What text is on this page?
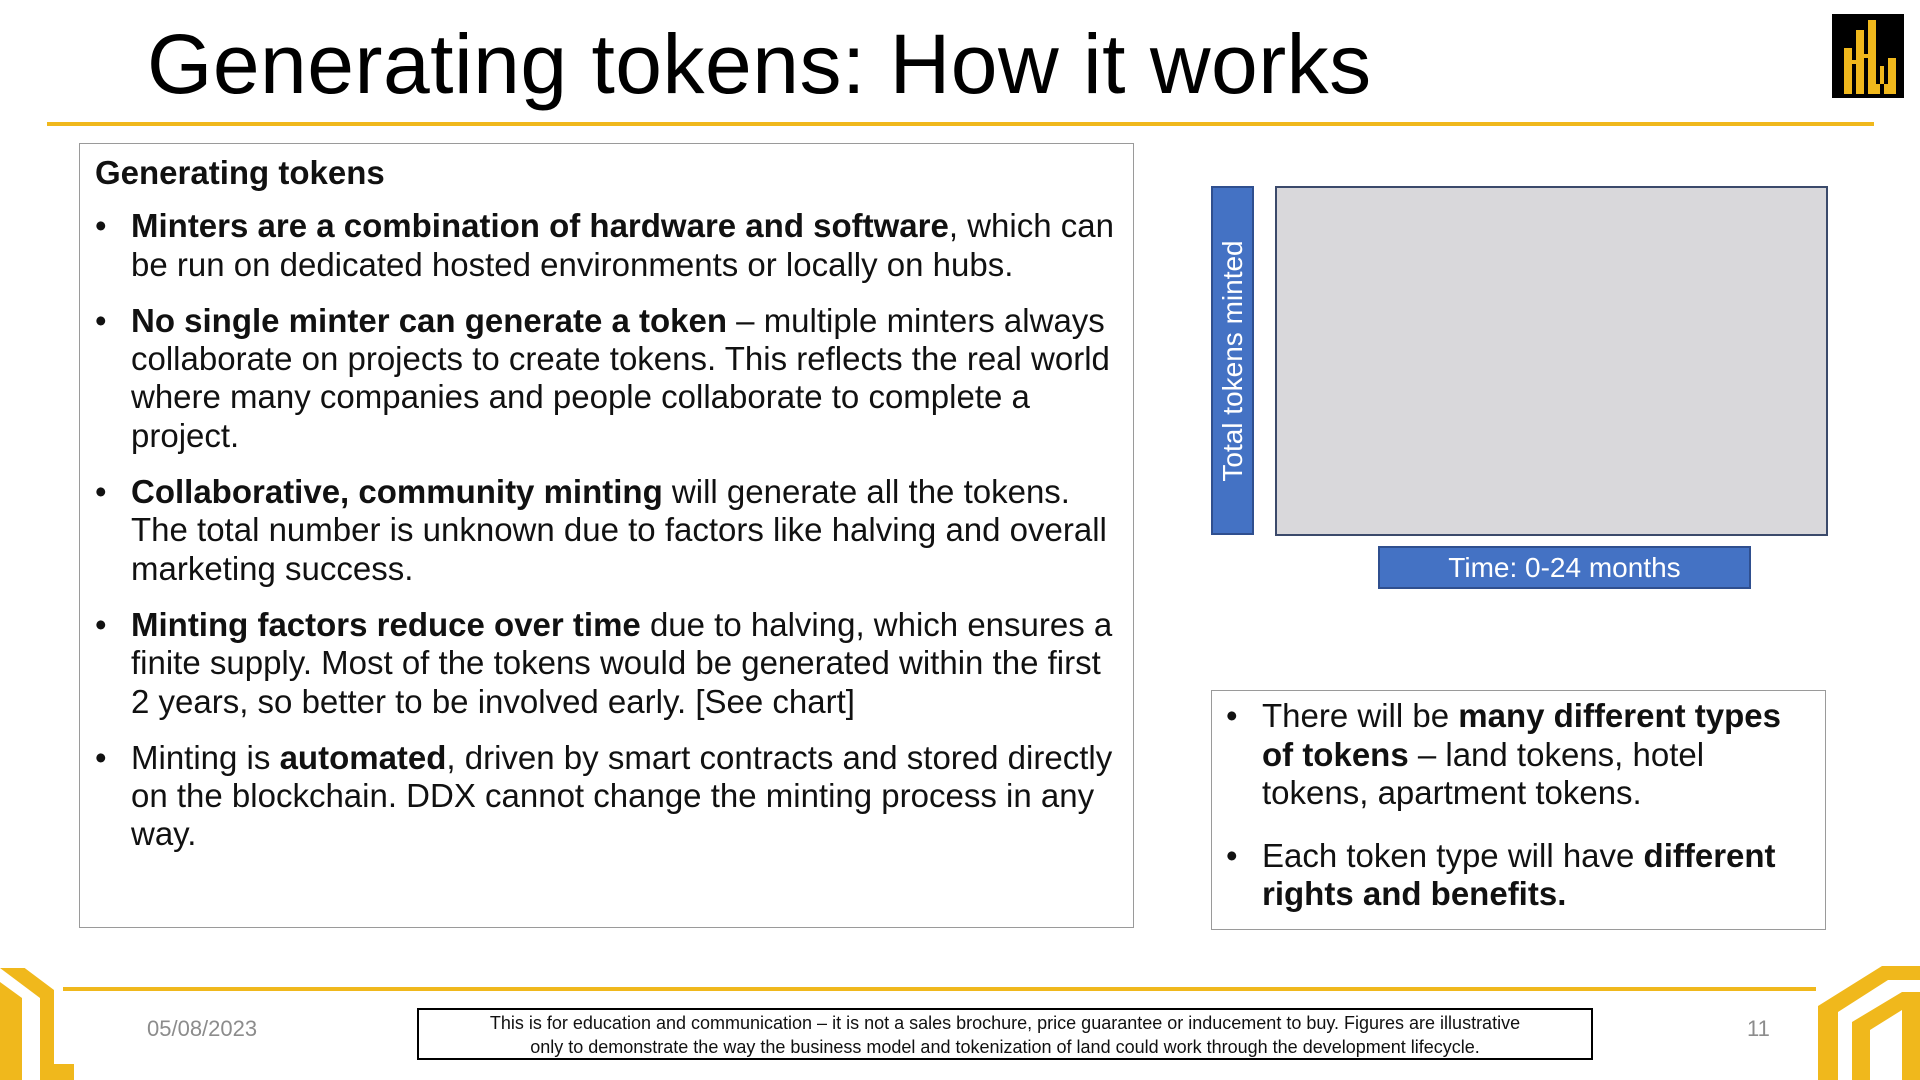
Generating tokens: How it works
Generating tokens
• Minters are a combination of hardware and software, which can be run on dedicated hosted environments or locally on hubs.
• No single minter can generate a token – multiple minters always collaborate on projects to create tokens. This reflects the real world where many companies and people collaborate to complete a project.
• Collaborative, community minting will generate all the tokens. The total number is unknown due to factors like halving and overall marketing success.
• Minting factors reduce over time due to halving, which ensures a finite supply. Most of the tokens would be generated within the first 2 years, so better to be involved early. [See chart]
• Minting is automated, driven by smart contracts and stored directly on the blockchain. DDX cannot change the minting process in any way.
Total tokens minted
Time: 0-24 months
• There will be many different types of tokens – land tokens, hotel tokens, apartment tokens.
• Each token type will have different rights and benefits.
05/08/2023	This is for education and communication – it is not a sales brochure, price guarantee or inducement to buy. Figures are illustrative
only to demonstrate the way the business model and tokenization of land could work through the development lifecycle.
11
